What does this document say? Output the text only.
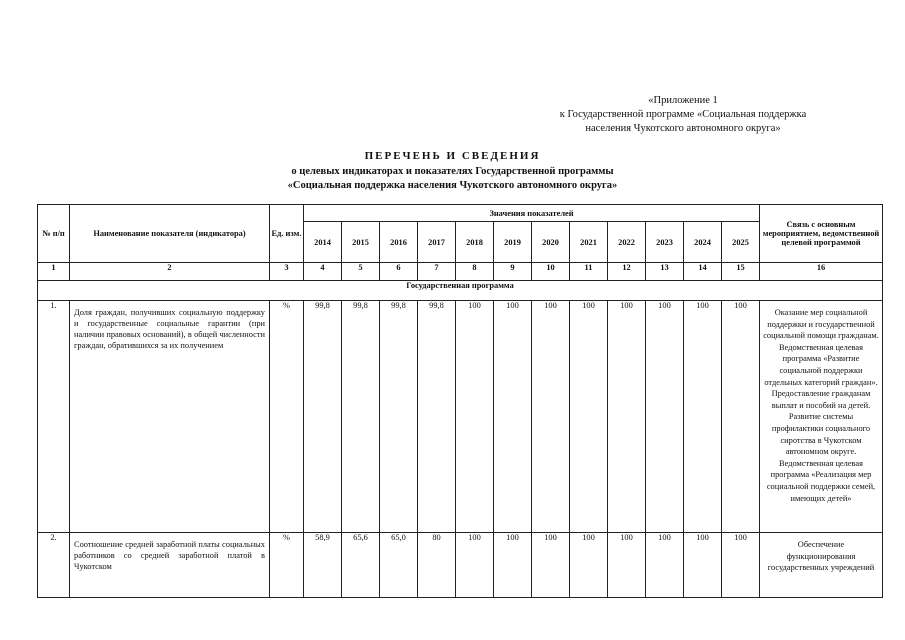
«Приложение 1
к Государственной программе «Социальная поддержка
населения Чукотского автономного округа»
ПЕРЕЧЕНЬ И СВЕДЕНИЯ
о целевых индикаторах и показателях Государственной программы
«Социальная поддержка населения Чукотского автономного округа»
№ п/п	Наименование показателя (индикатора)	Ед. изм.	Значения показателей												Связь с основным мероприятием, ведомственной целевой программой
			2014	2015	2016	2017	2018	2019	2020	2021	2022	2023	2024	2025	
1	2	3	4	5	6	7	8	9	10	11	12	13	14	15	16
Государственная программа															
1.	Доля граждан, получивших социальную поддержку и государственные социальные гарантии (при наличии правовых оснований), в общей численности граждан, обратившихся за их получением	%	99,8	99,8	99,8	99,8	100	100	100	100	100	100	100	100	Оказание мер социальной поддержки и государственной социальной помощи гражданам. Ведомственная целевая программа «Развитие социальной поддержки отдельных категорий граждан». Предоставление гражданам выплат и пособий на детей. Развитие системы профилактики социального сиротства в Чукотском автономном округе. Ведомственная целевая программа «Реализация мер социальной поддержки семей, имеющих детей»
2.	Соотношение средней заработной платы социальных работников со средней заработной платой в Чукотском	%	58,9	65,6	65,0	80	100	100	100	100	100	100	100	100	Обеспечение функционирования государственных учреждений
